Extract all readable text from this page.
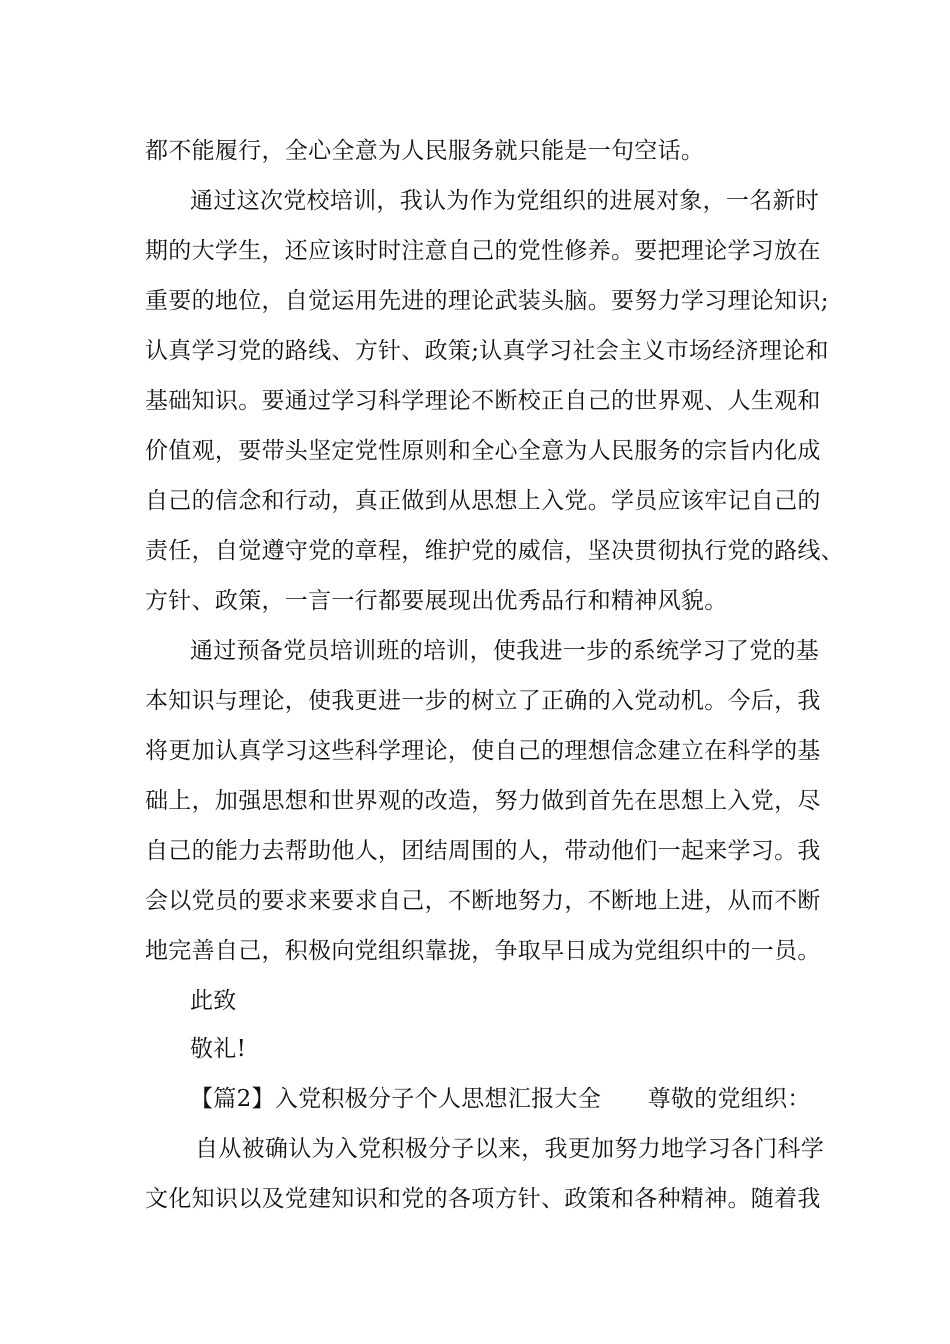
都不能履行，全心全意为人民服务就只能是一句空话。
通过这次党校培训，我认为作为党组织的进展对象，一名新时
期的大学生，还应该时时注意自己的党性修养。要把理论学习放在
重要的地位，自觉运用先进的理论武装头脑。要努力学习理论知识;
认真学习党的路线、方针、政策;认真学习社会主义市场经济理论和
基础知识。要通过学习科学理论不断校正自己的世界观、人生观和
价值观，要带头坚定党性原则和全心全意为人民服务的宗旨内化成
自己的信念和行动，真正做到从思想上入党。学员应该牢记自己的
责任，自觉遵守党的章程，维护党的威信，坚决贯彻执行党的路线、
方针、政策，一言一行都要展现出优秀品行和精神风貌。
通过预备党员培训班的培训，使我进一步的系统学习了党的基
本知识与理论，使我更进一步的树立了正确的入党动机。今后，我
将更加认真学习这些科学理论，使自己的理想信念建立在科学的基
础上，加强思想和世界观的改造，努力做到首先在思想上入党，尽
自己的能力去帮助他人，团结周围的人，带动他们一起来学习。我
会以党员的要求来要求自己，不断地努力，不断地上进，从而不断
地完善自己，积极向党组织靠拢，争取早日成为党组织中的一员。
此致
敬礼!
【篇2】入党积极分子个人思想汇报大全　　尊敬的党组织：
自从被确认为入党积极分子以来，我更加努力地学习各门科学
文化知识以及党建知识和党的各项方针、政策和各种精神。随着我
